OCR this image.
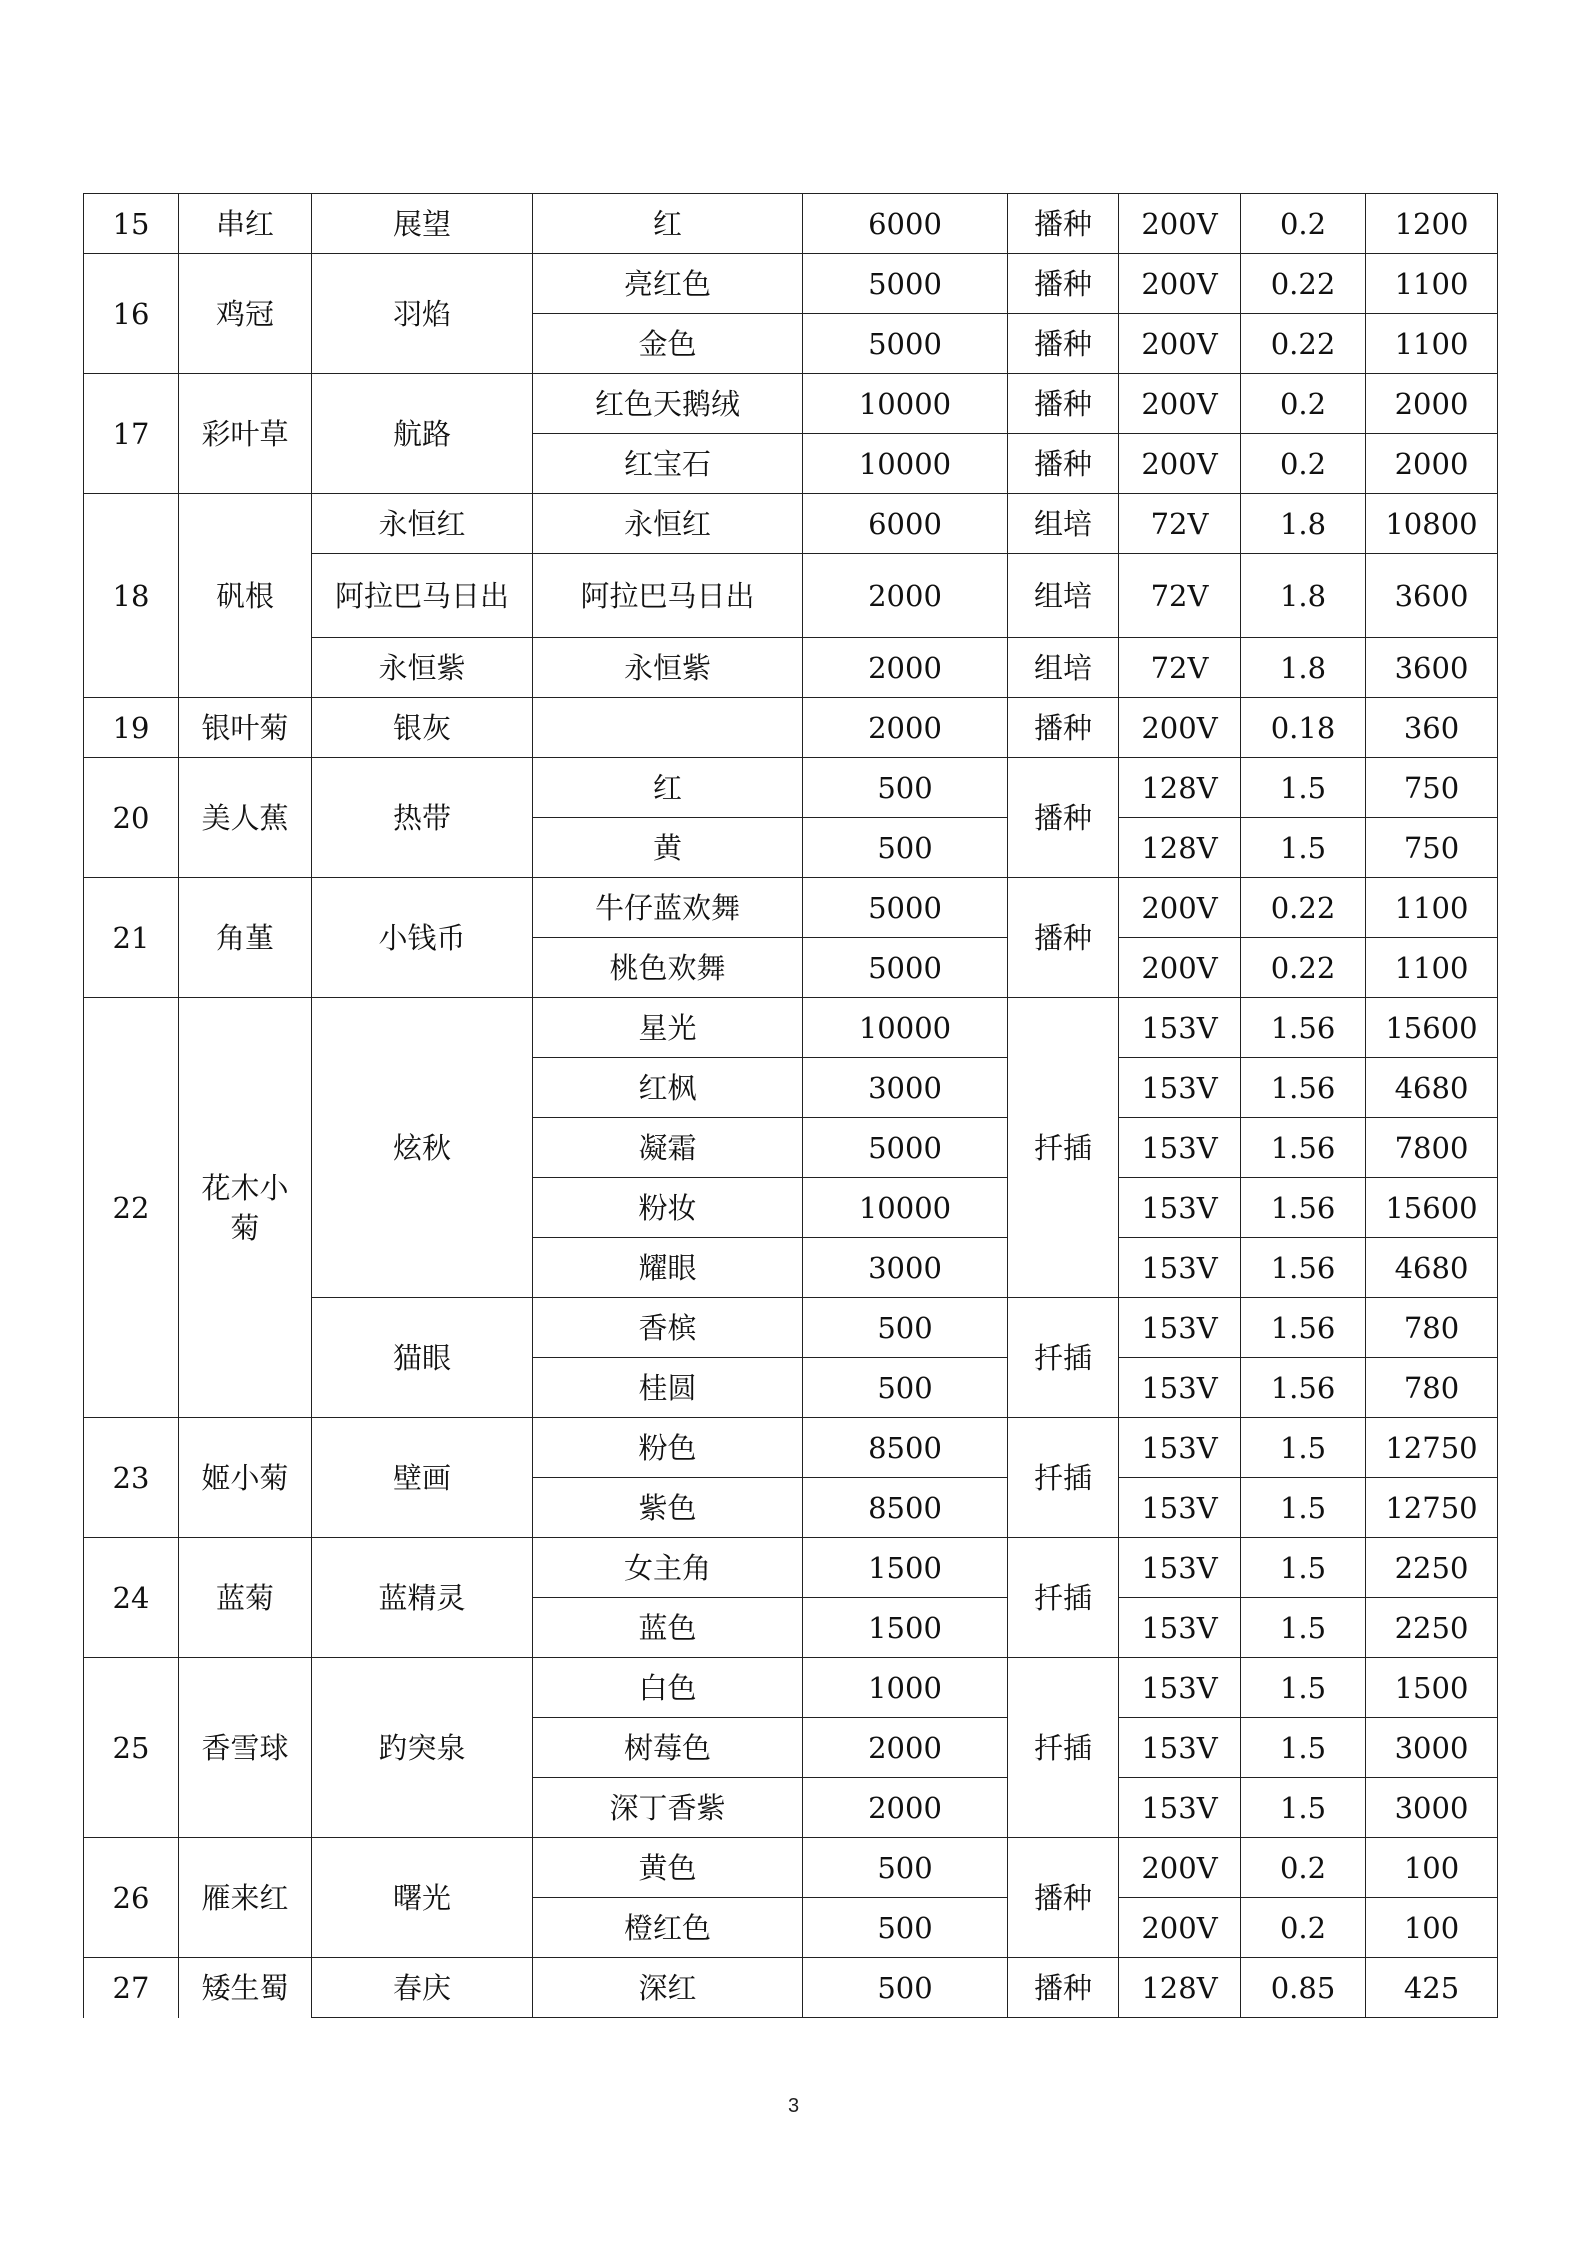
15	串红	展望	红	6000	播种	200V	0.2	1200
16	鸡冠	羽焰	亮红色	5000	播种	200V	0.22	1100
			金色	5000	播种	200V	0.22	1100
17	彩叶草	航路	红色天鹅绒	10000	播种	200V	0.2	2000
			红宝石	10000	播种	200V	0.2	2000
18	矾根	永恒红	永恒红	6000	组培	72V	1.8	10800
		阿拉巴马日出	阿拉巴马日出	2000	组培	72V	1.8	3600
		永恒紫	永恒紫	2000	组培	72V	1.8	3600
19	银叶菊	银灰		2000	播种	200V	0.18	360
20	美人蕉	热带	红	500	播种	128V	1.5	750
			黄	500		128V	1.5	750
21	角堇	小钱币	牛仔蓝欢舞	5000	播种	200V	0.22	1100
			桃色欢舞	5000		200V	0.22	1100
22	花木小菊	炫秋	星光	10000	扦插	153V	1.56	15600
			红枫	3000		153V	1.56	4680
			凝霜	5000		153V	1.56	7800
			粉妆	10000		153V	1.56	15600
			耀眼	3000		153V	1.56	4680
		猫眼	香槟	500	扦插	153V	1.56	780
			桂圆	500		153V	1.56	780
23	姬小菊	壁画	粉色	8500	扦插	153V	1.5	12750
			紫色	8500		153V	1.5	12750
24	蓝菊	蓝精灵	女主角	1500	扦插	153V	1.5	2250
			蓝色	1500		153V	1.5	2250
25	香雪球	趵突泉	白色	1000	扦插	153V	1.5	1500
			树莓色	2000		153V	1.5	3000
			深丁香紫	2000		153V	1.5	3000
26	雁来红	曙光	黄色	500	播种	200V	0.2	100
			橙红色	500		200V	0.2	100
27	矮生蜀	春庆	深红	500	播种	128V	0.85	425
3
